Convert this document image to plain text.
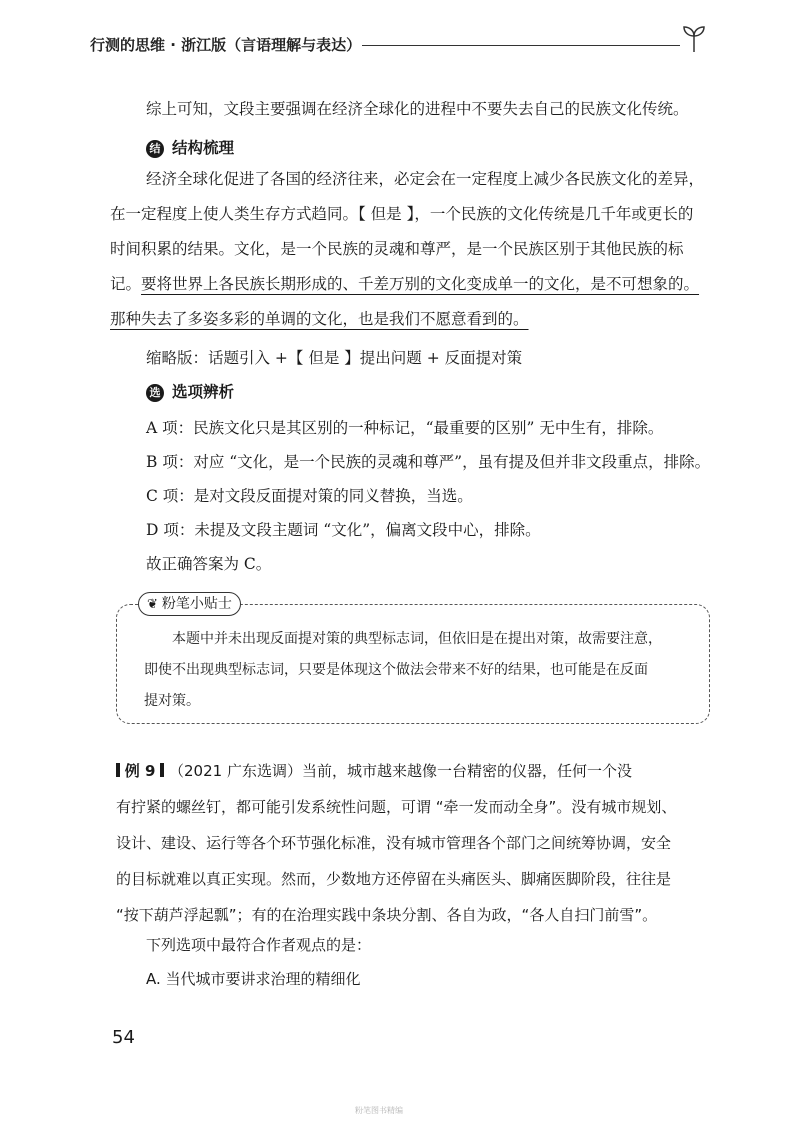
行测的思维 · 浙江版（言语理解与表达）
综上可知，文段主要强调在经济全球化的进程中不要失去自己的民族文化传统。
结 结构梳理
经济全球化促进了各国的经济往来，必定会在一定程度上减少各民族文化的差异，
在一定程度上使人类生存方式趋同。【 但是 】，一个民族的文化传统是几千年或更长的
时间积累的结果。文化，是一个民族的灵魂和尊严，是一个民族区别于其他民族的标
记。要将世界上各民族长期形成的、千差万别的文化变成单一的文化，是不可想象的。
那种失去了多姿多彩的单调的文化，也是我们不愿意看到的。
缩略版：话题引入 +【 但是 】提出问题 + 反面提对策
选 选项辨析
A 项：民族文化只是其区别的一种标记，“最重要的区别” 无中生有，排除。
B 项：对应 “文化，是一个民族的灵魂和尊严”，虽有提及但并非文段重点，排除。
C 项：是对文段反面提对策的同义替换，当选。
D 项：未提及文段主题词 “文化”，偏离文段中心，排除。
故正确答案为 C。
❦ 粉笔小贴士
本题中并未出现反面提对策的典型标志词，但依旧是在提出对策，故需要注意，
即使不出现典型标志词，只要是体现这个做法会带来不好的结果，也可能是在反面
提对策。
例 9 （2021 广东选调）当前，城市越来越像一台精密的仪器，任何一个没
有拧紧的螺丝钉，都可能引发系统性问题，可谓 “牵一发而动全身”。没有城市规划、
设计、建设、运行等各个环节强化标准，没有城市管理各个部门之间统筹协调，安全
的目标就难以真正实现。然而，少数地方还停留在头痛医头、脚痛医脚阶段，往往是
“按下葫芦浮起瓢”；有的在治理实践中条块分割、各自为政，“各人自扫门前雪”。
下列选项中最符合作者观点的是：
A. 当代城市要讲求治理的精细化
54
粉笔图书精编
